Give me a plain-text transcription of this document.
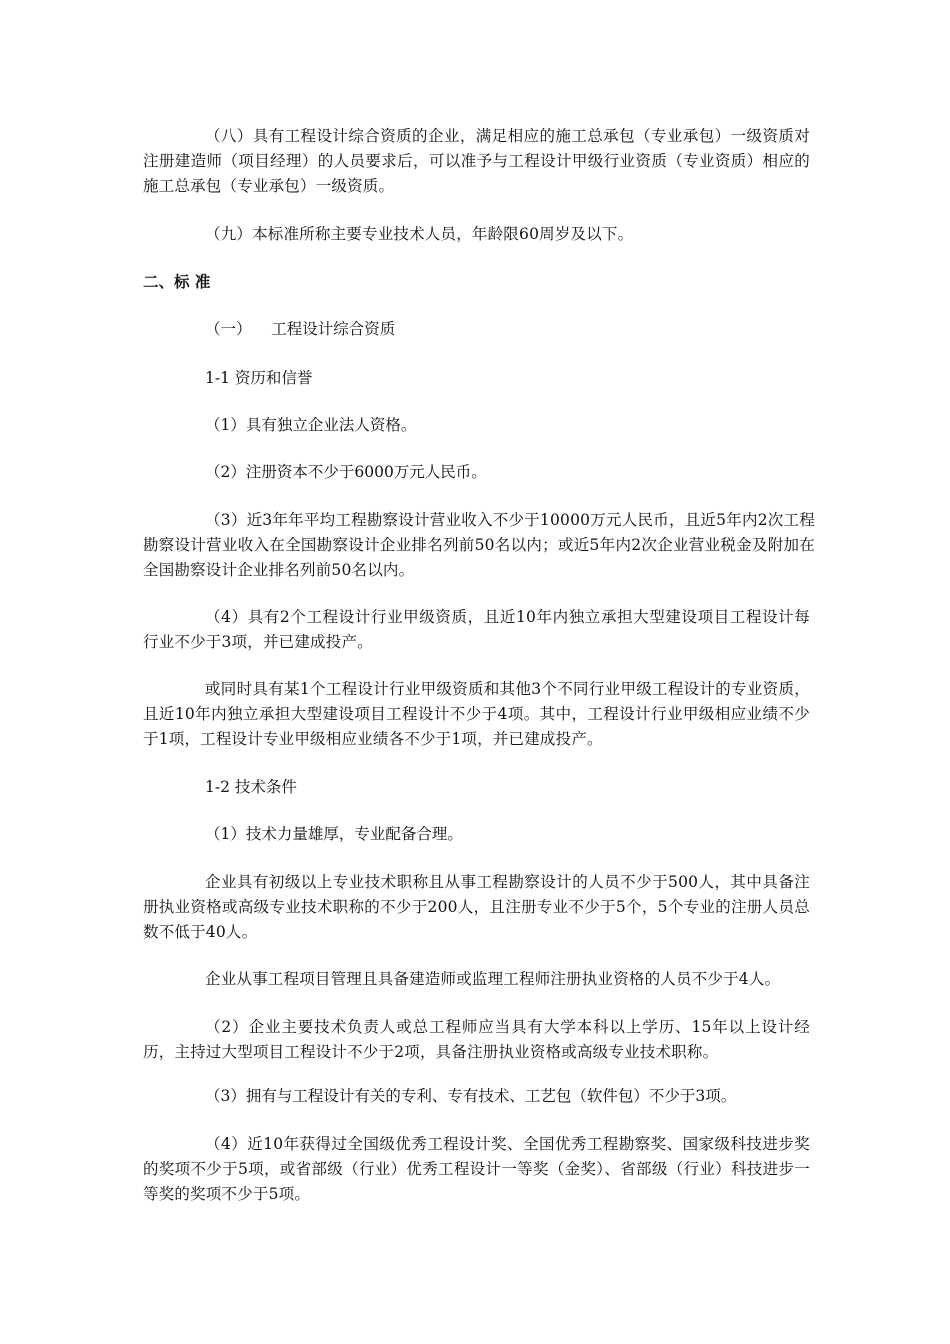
（八）具有工程设计综合资质的企业，满足相应的施工总承包（专业承包）一级资质对注册建造师（项目经理）的人员要求后，可以准予与工程设计甲级行业资质（专业资质）相应的施工总承包（专业承包）一级资质。

（九）本标准所称主要专业技术人员，年龄限60周岁及以下。

二、标 准

（一）    工程设计综合资质

1-1 资历和信誉

（1）具有独立企业法人资格。

（2）注册资本不少于6000万元人民币。

（3）近3年年平均工程勘察设计营业收入不少于10000万元人民币，且近5年内2次工程勘察设计营业收入在全国勘察设计企业排名列前50名以内；或近5年内2次企业营业税金及附加在全国勘察设计企业排名列前50名以内。

（4）具有2个工程设计行业甲级资质，且近10年内独立承担大型建设项目工程设计每行业不少于3项，并已建成投产。

或同时具有某1个工程设计行业甲级资质和其他3个不同行业甲级工程设计的专业资质，且近10年内独立承担大型建设项目工程设计不少于4项。其中，工程设计行业甲级相应业绩不少于1项，工程设计专业甲级相应业绩各不少于1项，并已建成投产。

1-2 技术条件

（1）技术力量雄厚，专业配备合理。

企业具有初级以上专业技术职称且从事工程勘察设计的人员不少于500人，其中具备注册执业资格或高级专业技术职称的不少于200人，且注册专业不少于5个，5个专业的注册人员总数不低于40人。

企业从事工程项目管理且具备建造师或监理工程师注册执业资格的人员不少于4人。

（2）企业主要技术负责人或总工程师应当具有大学本科以上学历、15年以上设计经历，主持过大型项目工程设计不少于2项，具备注册执业资格或高级专业技术职称。

（3）拥有与工程设计有关的专利、专有技术、工艺包（软件包）不少于3项。

（4）近10年获得过全国级优秀工程设计奖、全国优秀工程勘察奖、国家级科技进步奖的奖项不少于5项，或省部级（行业）优秀工程设计一等奖（金奖）、省部级（行业）科技进步一等奖的奖项不少于5项。
